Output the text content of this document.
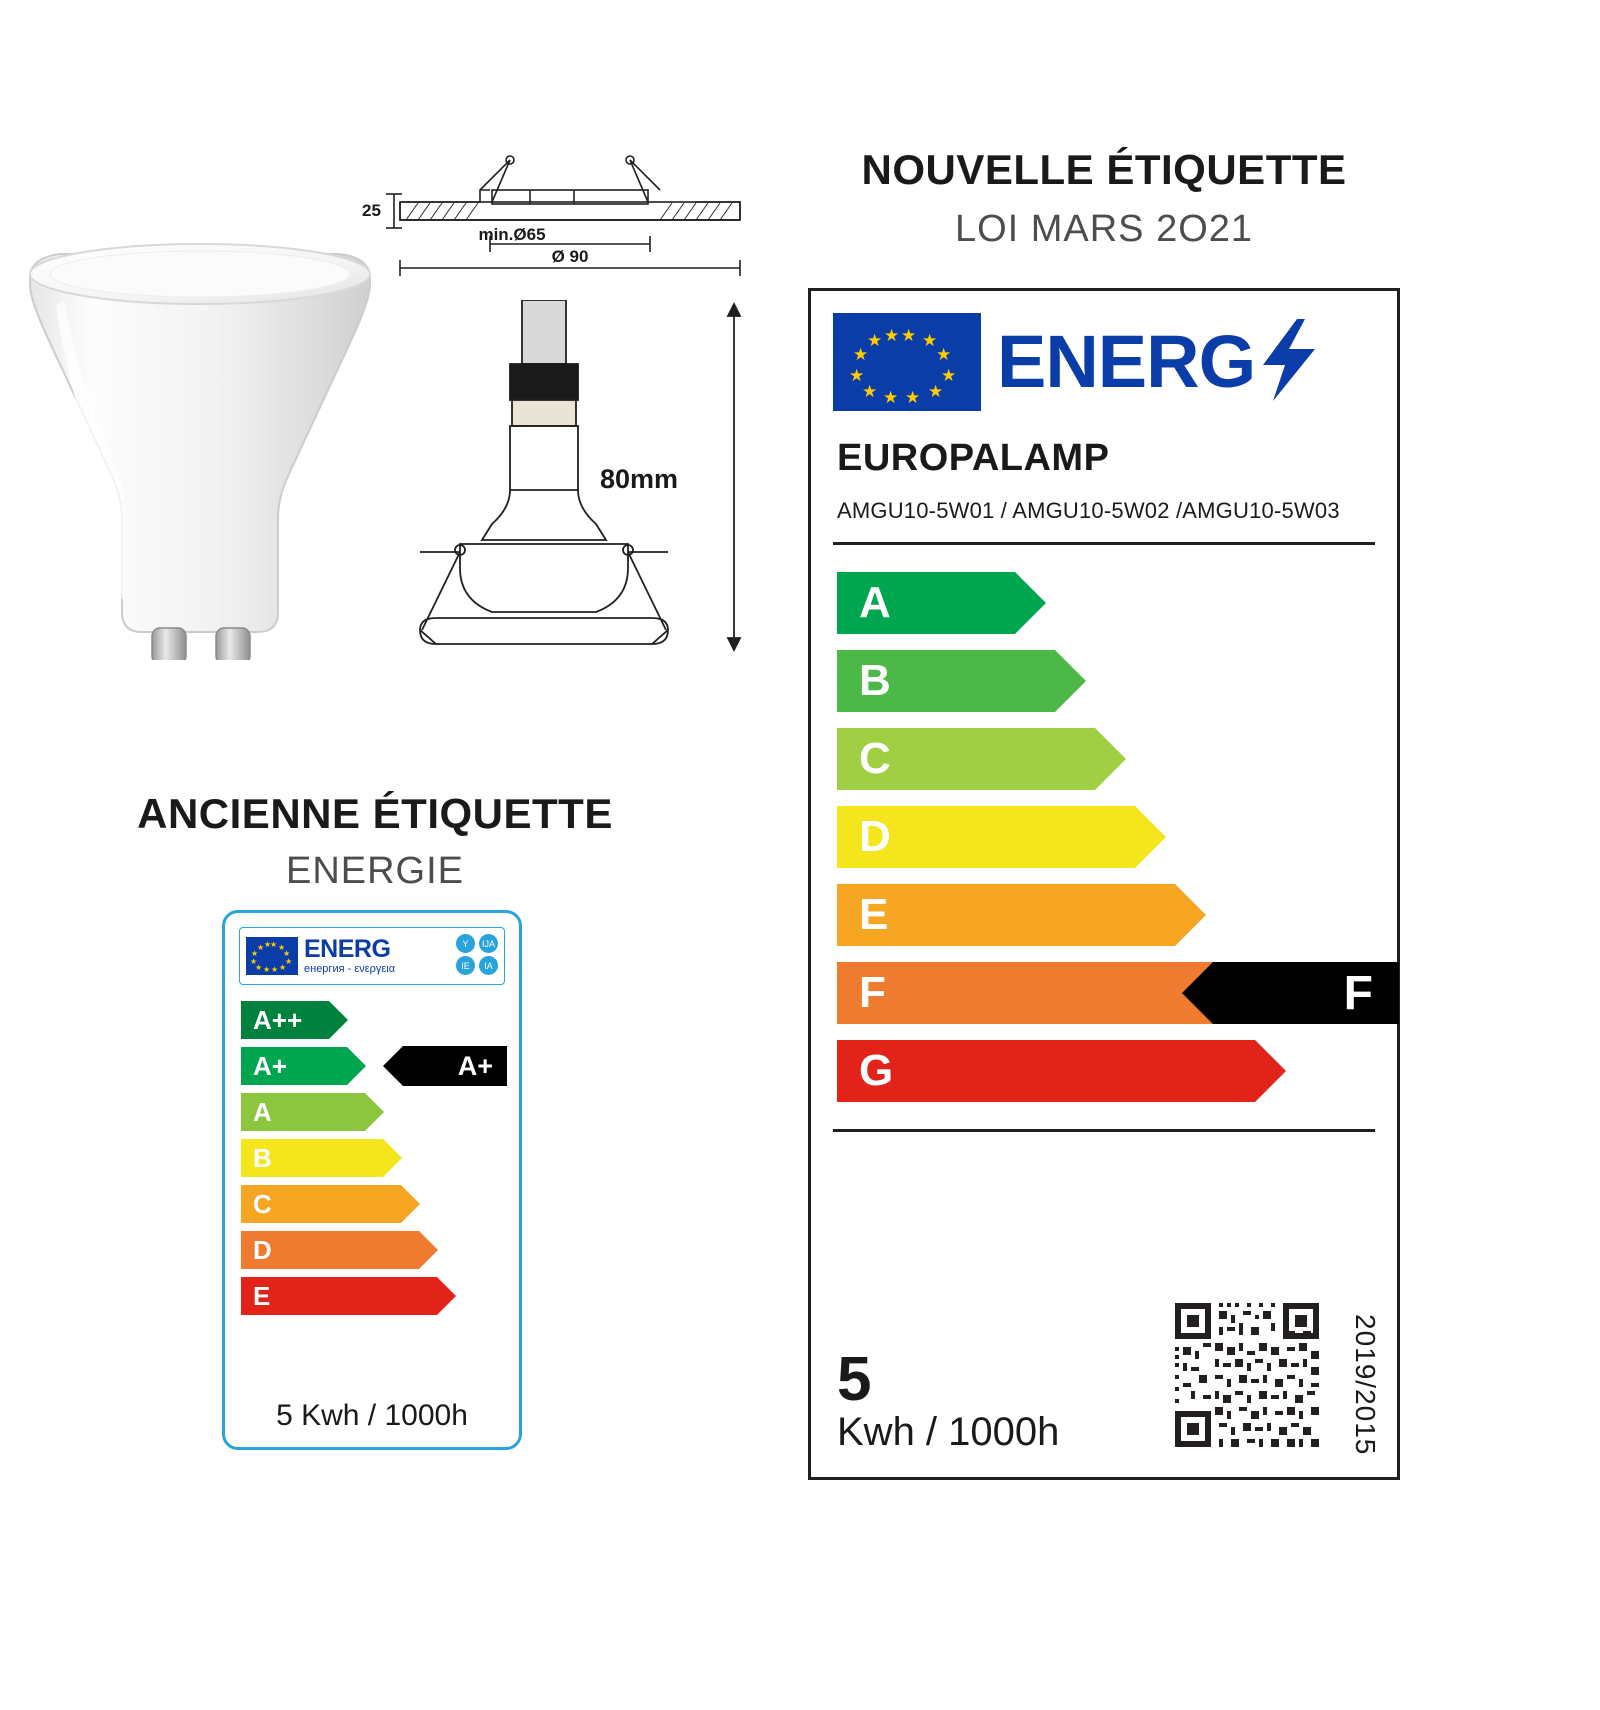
NOUVELLE ÉTIQUETTE
LOI MARS 2O21
ANCIENNE ÉTIQUETTE
ENERGIE
25
min.Ø65
Ø 90
80mm
★ ★
★
★
★
★
★
★
★
★
★ ★ ENERG
EUROPALAMP
AMGU10-5W01 / AMGU10-5W02 /AMGU10-5W03
A
B
C
D
E
F	F
G
5
Kwh / 1000h	2019/2015
★ ★
★
★
★
★
★
★
★
★
★ ★ ENERG
енергия - ενεργεια
Y	IJA
IE	IA
A++
A+	A+
A
B
C
D
E
5 Kwh / 1000h
